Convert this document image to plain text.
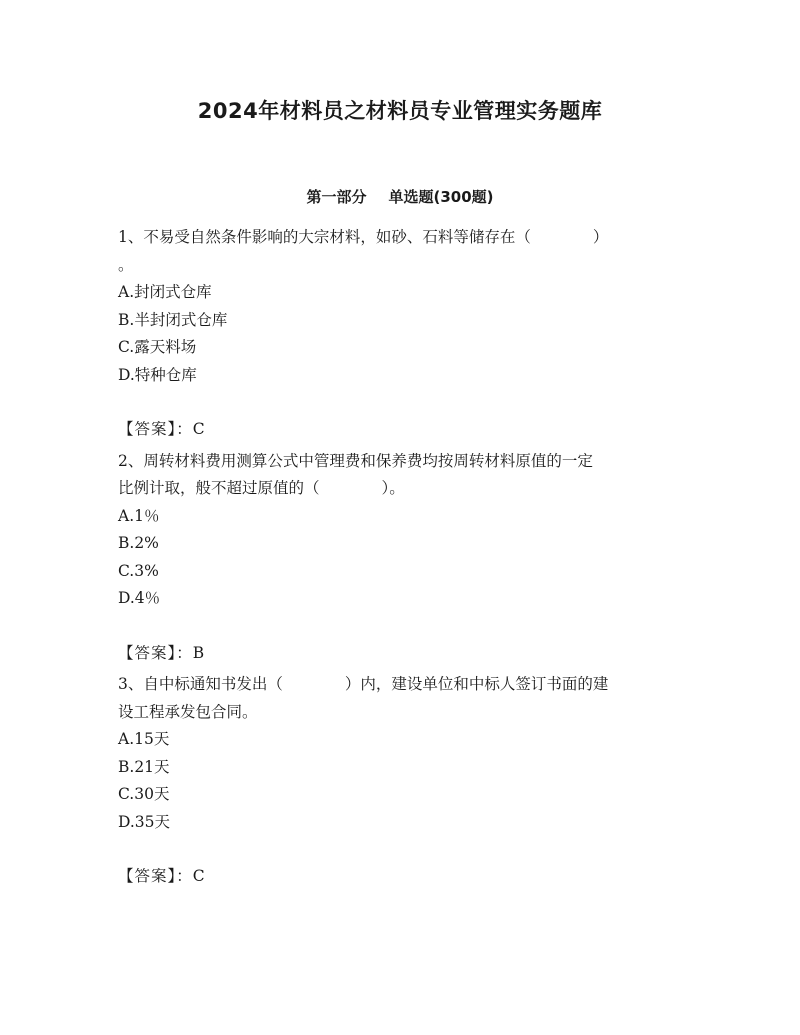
2024年材料员之材料员专业管理实务题库
第一部分 单选题(300题)
1、不易受自然条件影响的大宗材料，如砂、石料等储存在（	）
。
A.封闭式仓库
B.半封闭式仓库
C.露天料场
D.特种仓库
【答案】：C
2、周转材料费用测算公式中管理费和保养费均按周转材料原值的一定
比例计取，般不超过原值的（	）。
A.1％
B.2%
C.3%
D.4％
【答案】：B
3、自中标通知书发出（	）内，建设单位和中标人签订书面的建
设工程承发包合同。
A.15天
B.21天
C.30天
D.35天
【答案】：C
